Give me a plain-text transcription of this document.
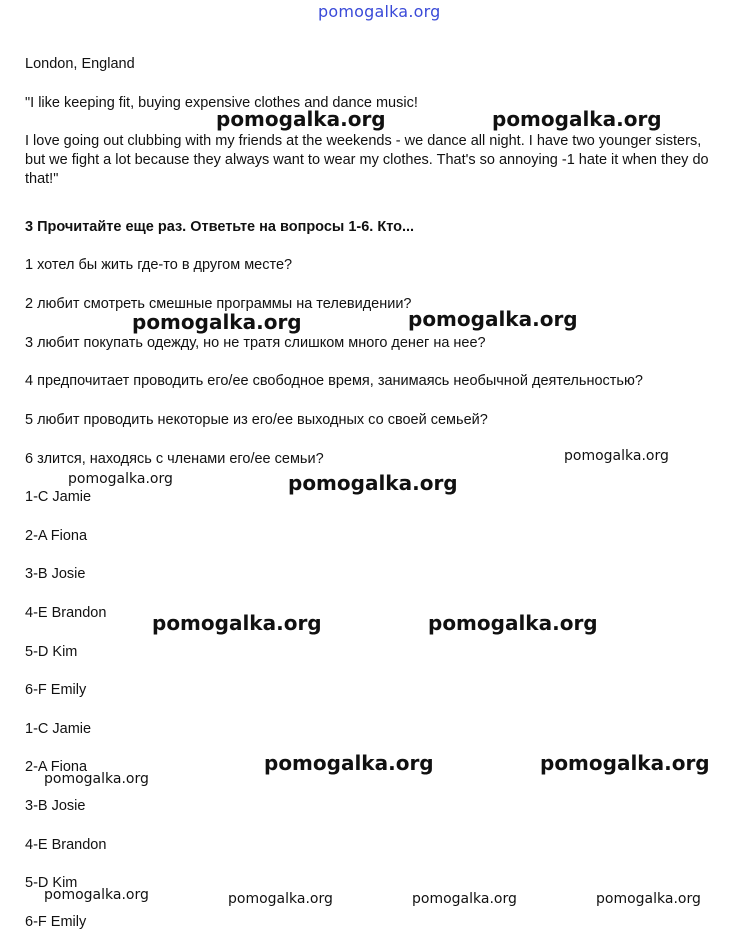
pomogalka.org
London, England
"I like keeping fit, buying expensive clothes and dance music!
I love going out clubbing with my friends at the weekends - we dance all night. I have two younger sisters, but we fight a lot because they always want to wear my clothes. That's so annoying -1 hate it when they do that!"
3 Прочитайте еще раз. Ответьте на вопросы 1-6. Кто...
1 хотел бы жить где-то в другом месте?
2 любит смотреть смешные программы на телевидении?
3 любит покупать одежду, но не тратя слишком много денег на нее?
4 предпочитает проводить его/ее свободное время, занимаясь необычной деятельностью?
5 любит проводить некоторые из его/ее выходных со своей семьей?
6 злится, находясь с членами его/ее семьи?
1-C Jamie
2-A Fiona
3-B Josie
4-E Brandon
5-D Kim
6-F Emily
1-C Jamie
2-A Fiona
3-B Josie
4-E Brandon
5-D Kim
6-F Emily
pomogalka.org	pomogalka.org
pomogalka.org	pomogalka.org
pomogalka.org
pomogalka.org	pomogalka.org
pomogalka.org	pomogalka.org
pomogalka.org	pomogalka.org
pomogalka.org
pomogalka.org	pomogalka.org	pomogalka.org	pomogalka.org
